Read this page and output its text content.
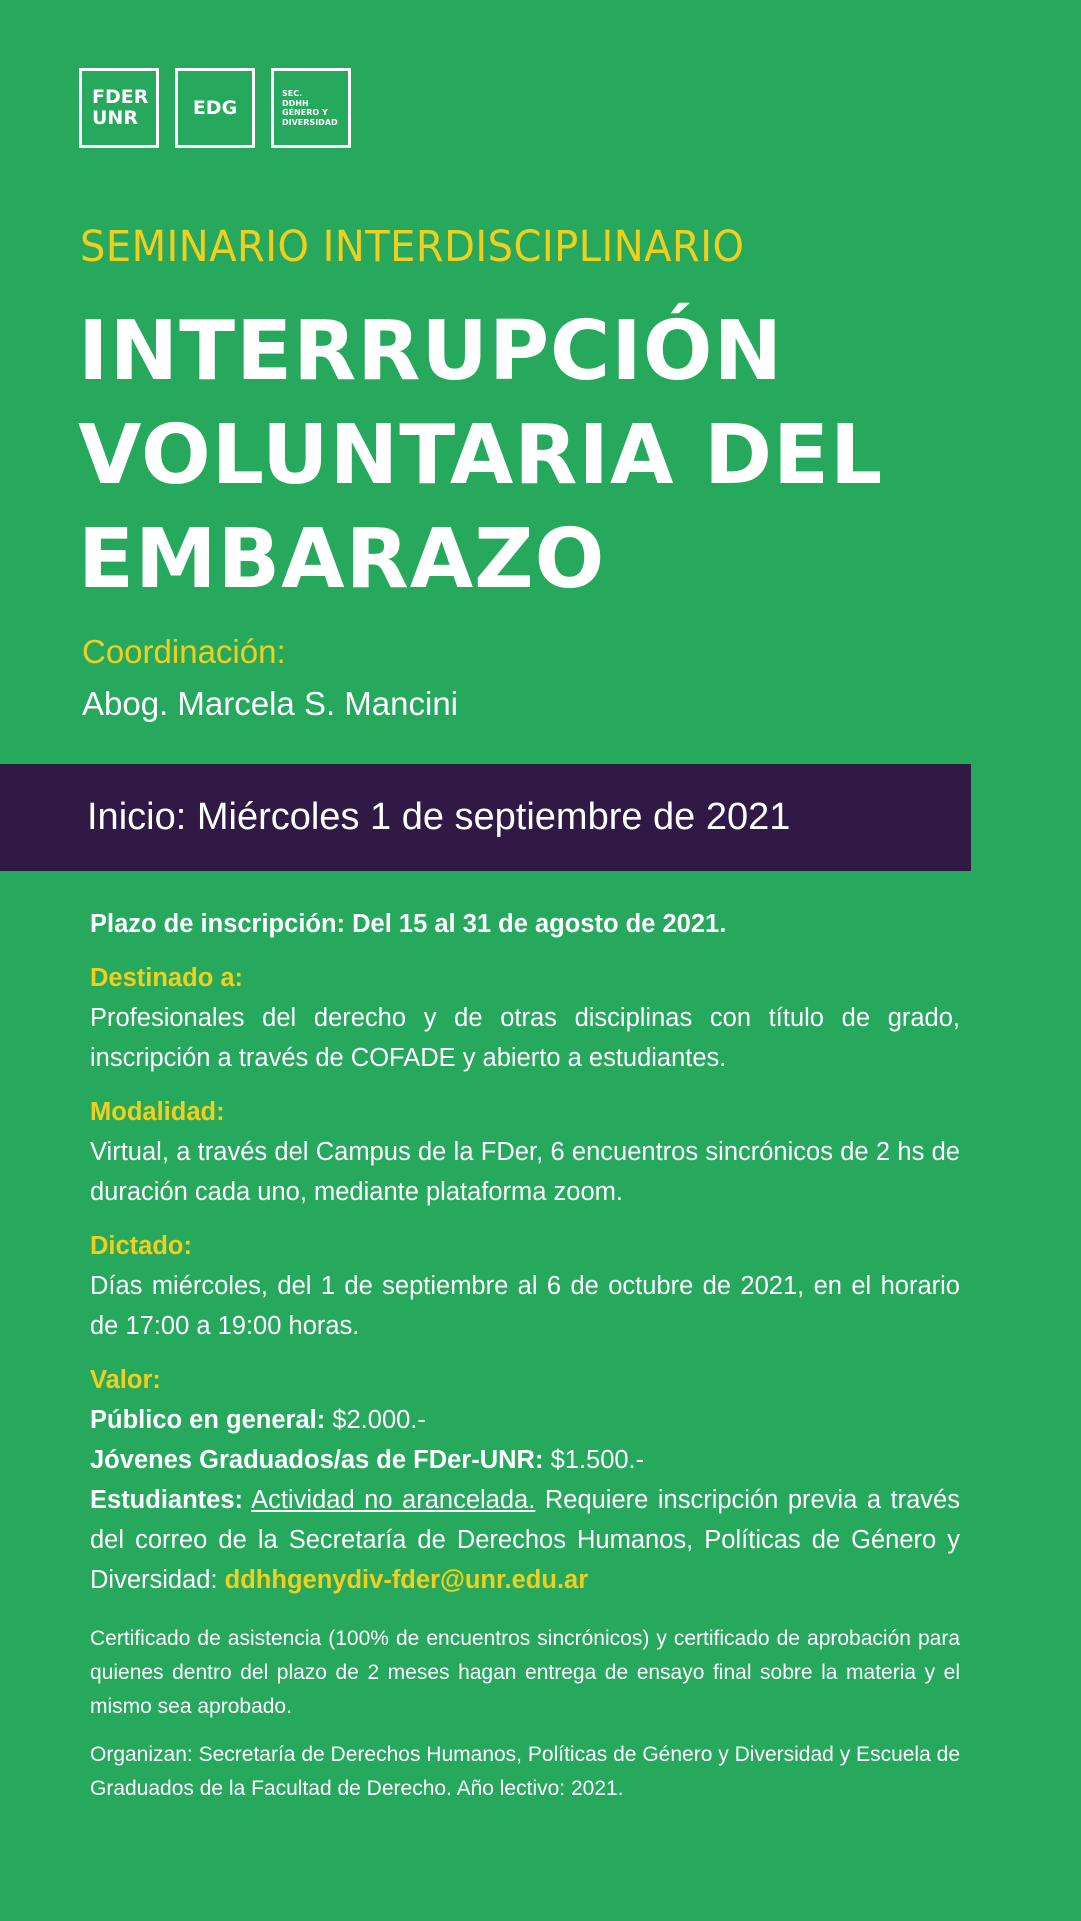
FDER
UNR	EDG
SEC.
DDHH
GÉNERO Y
DIVERSIDAD
SEMINARIO INTERDISCIPLINARIO
INTERRUPCIÓN
VOLUNTARIA DEL
EMBARAZO
Coordinación:
Abog. Marcela S. Mancini
Inicio: Miércoles 1 de septiembre de 2021

Plazo de inscripción: Del 15 al 31 de agosto de 2021.

Destinado a:

Profesionales del derecho y de otras disciplinas con título de grado, inscripción a través de COFADE y abierto a estudiantes.

Modalidad:

Virtual, a través del Campus de la FDer, 6 encuentros sincrónicos de 2 hs de duración cada uno, mediante plataforma zoom.

Dictado:

Días miércoles, del 1 de septiembre al 6 de octubre de 2021, en el horario de 17:00 a 19:00 horas.

Valor:

Público en general: $2.000.-

Jóvenes Graduados/as de FDer-UNR: $1.500.-

Estudiantes: Actividad no arancelada. Requiere inscripción previa a través del correo de la Secretaría de Derechos Humanos, Políticas de Género y Diversidad: ddhhgenydiv-fder@unr.edu.ar

Certificado de asistencia (100% de encuentros sincrónicos) y certificado de aprobación para quienes dentro del plazo de 2 meses hagan entrega de ensayo final sobre la materia y el mismo sea aprobado.

Organizan: Secretaría de Derechos Humanos, Políticas de Género y Diversidad y Escuela de Graduados de la Facultad de Derecho. Año lectivo: 2021.
